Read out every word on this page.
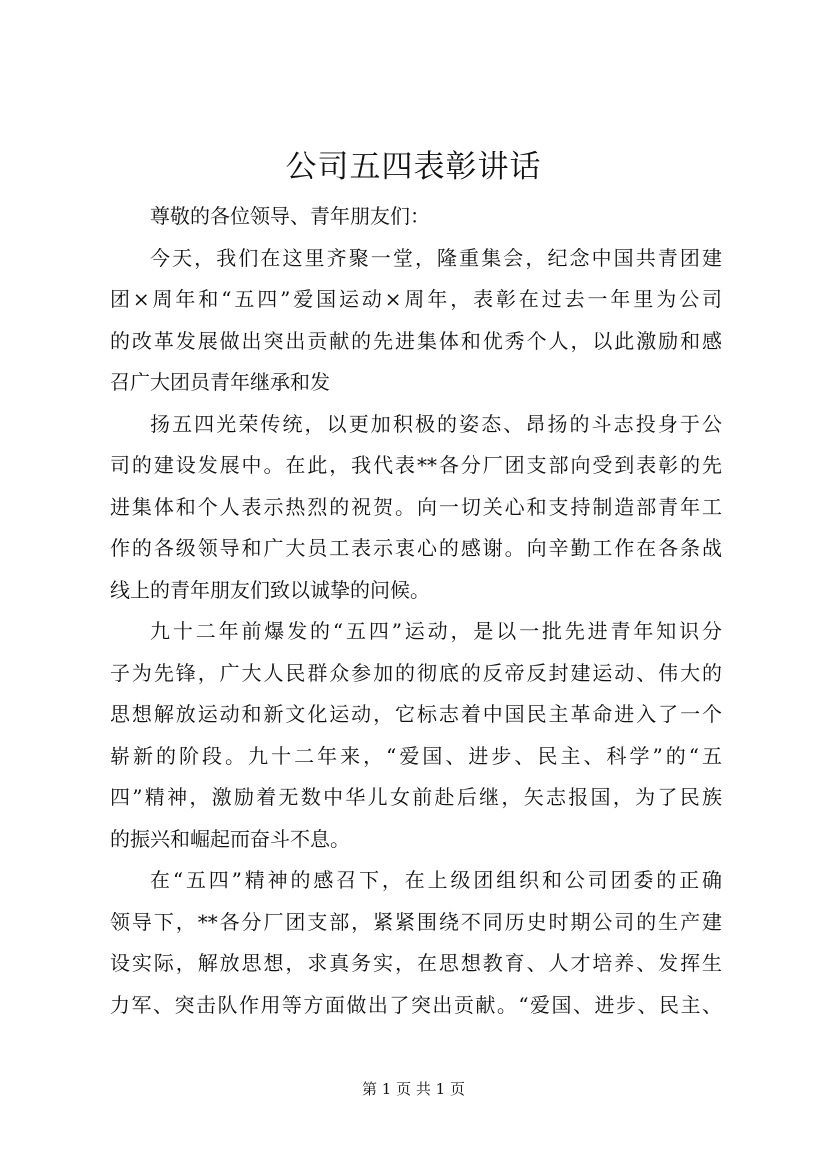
公司五四表彰讲话
尊敬的各位领导、青年朋友们：
今天，我们在这里齐聚一堂，隆重集会，纪念中国共青团建
团×周年和“五四”爱国运动×周年，表彰在过去一年里为公司
的改革发展做出突出贡献的先进集体和优秀个人，以此激励和感
召广大团员青年继承和发
扬五四光荣传统，以更加积极的姿态、昂扬的斗志投身于公
司的建设发展中。在此，我代表**各分厂团支部向受到表彰的先
进集体和个人表示热烈的祝贺。向一切关心和支持制造部青年工
作的各级领导和广大员工表示衷心的感谢。向辛勤工作在各条战
线上的青年朋友们致以诚挚的问候。
九十二年前爆发的“五四”运动，是以一批先进青年知识分
子为先锋，广大人民群众参加的彻底的反帝反封建运动、伟大的
思想解放运动和新文化运动，它标志着中国民主革命进入了一个
崭新的阶段。九十二年来，“爱国、进步、民主、科学”的“五
四”精神，激励着无数中华儿女前赴后继，矢志报国，为了民族
的振兴和崛起而奋斗不息。
在“五四”精神的感召下，在上级团组织和公司团委的正确
领导下，**各分厂团支部，紧紧围绕不同历史时期公司的生产建
设实际，解放思想，求真务实，在思想教育、人才培养、发挥生
力军、突击队作用等方面做出了突出贡献。“爱国、进步、民主、
第 1 页 共 1 页
